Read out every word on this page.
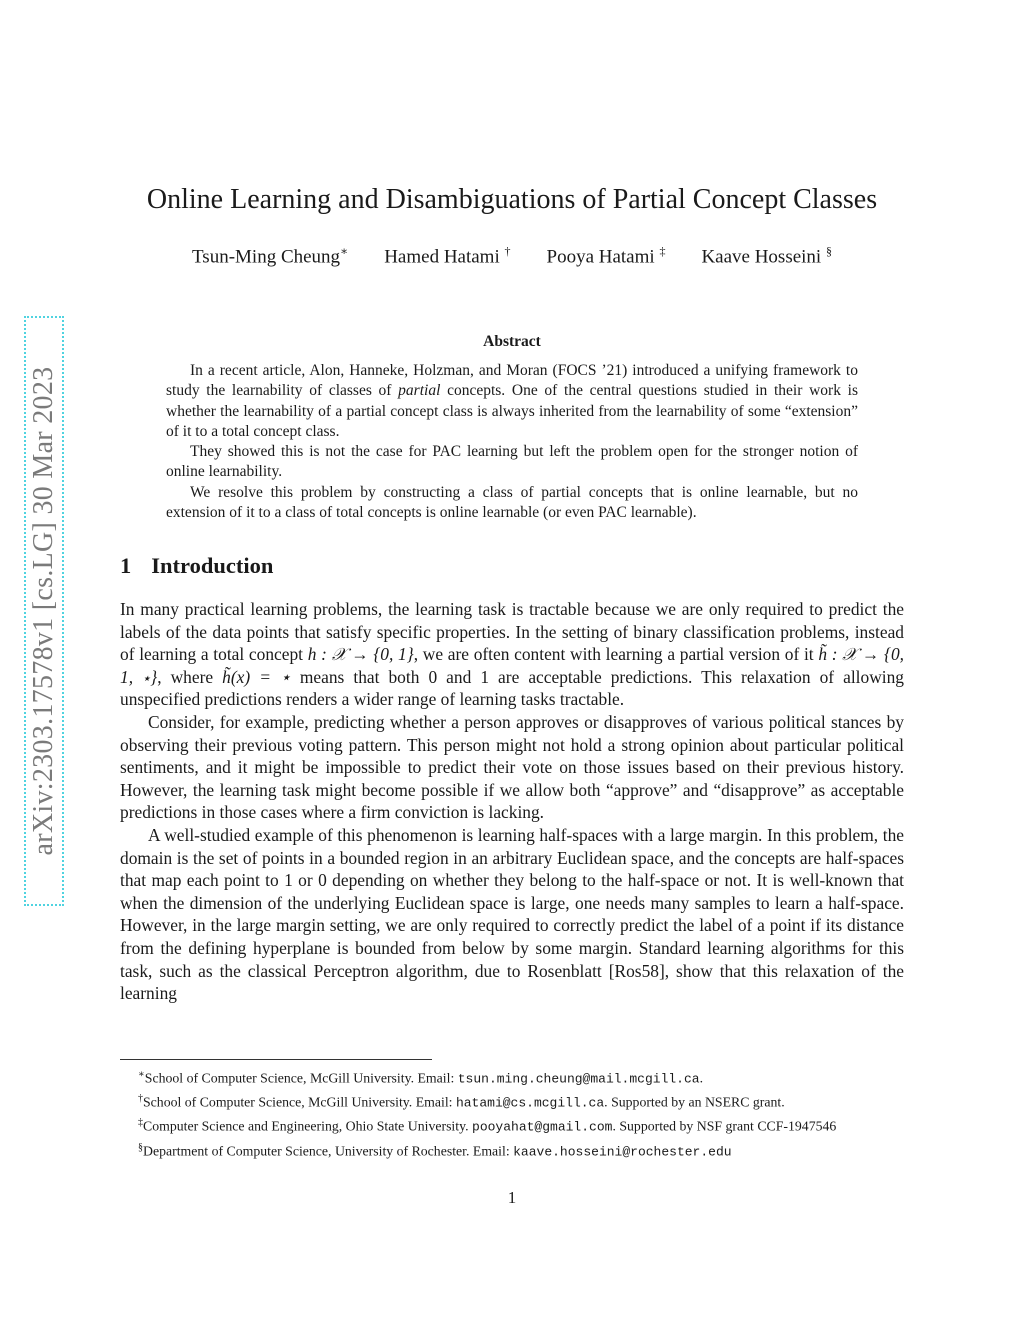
arXiv:2303.17578v1 [cs.LG] 30 Mar 2023
Online Learning and Disambiguations of Partial Concept Classes
Tsun-Ming Cheung∗ Hamed Hatami † Pooya Hatami ‡ Kaave Hosseini §
Abstract

In a recent article, Alon, Hanneke, Holzman, and Moran (FOCS ’21) introduced a unifying framework to study the learnability of classes of partial concepts. One of the central questions studied in their work is whether the learnability of a partial concept class is always inherited from the learnability of some “extension” of it to a total concept class.

They showed this is not the case for PAC learning but left the problem open for the stronger notion of online learnability.

We resolve this problem by constructing a class of partial concepts that is online learnable, but no extension of it to a class of total concepts is online learnable (or even PAC learnable).

1 Introduction

In many practical learning problems, the learning task is tractable because we are only required to predict the labels of the data points that satisfy specific properties. In the setting of binary classification problems, instead of learning a total concept h : 𝒳 → {0, 1}, we are often content with learning a partial version of it h̃ : 𝒳 → {0, 1, ⋆}, where h̃(x) = ⋆ means that both 0 and 1 are acceptable predictions. This relaxation of allowing unspecified predictions renders a wider range of learning tasks tractable.

Consider, for example, predicting whether a person approves or disapproves of various political stances by observing their previous voting pattern. This person might not hold a strong opinion about particular political sentiments, and it might be impossible to predict their vote on those issues based on their previous history. However, the learning task might become possible if we allow both “approve” and “disapprove” as acceptable predictions in those cases where a firm conviction is lacking.

A well-studied example of this phenomenon is learning half-spaces with a large margin. In this problem, the domain is the set of points in a bounded region in an arbitrary Euclidean space, and the concepts are half-spaces that map each point to 1 or 0 depending on whether they belong to the half-space or not. It is well-known that when the dimension of the underlying Euclidean space is large, one needs many samples to learn a half-space. However, in the large margin setting, we are only required to correctly predict the label of a point if its distance from the defining hyperplane is bounded from below by some margin. Standard learning algorithms for this task, such as the classical Perceptron algorithm, due to Rosenblatt [Ros58], show that this relaxation of the learning

∗School of Computer Science, McGill University. Email: tsun.ming.cheung@mail.mcgill.ca.

†School of Computer Science, McGill University. Email: hatami@cs.mcgill.ca. Supported by an NSERC grant.

‡Computer Science and Engineering, Ohio State University. pooyahat@gmail.com. Supported by NSF grant CCF-1947546

§Department of Computer Science, University of Rochester. Email: kaave.hosseini@rochester.edu

1
